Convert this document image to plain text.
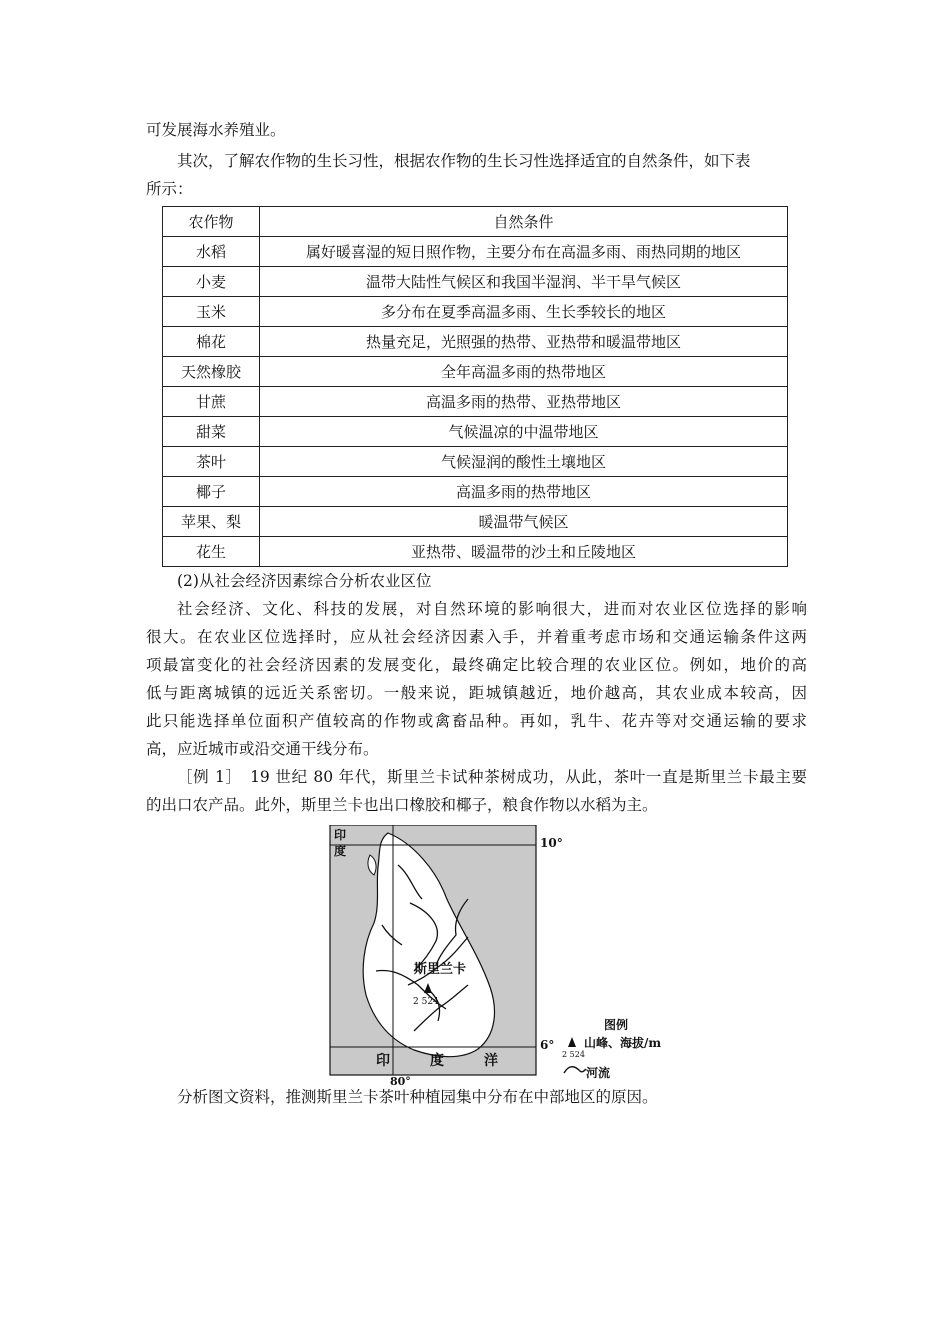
可发展海水养殖业。
其次，了解农作物的生长习性，根据农作物的生长习性选择适宜的自然条件，如下表
所示：
农作物	自然条件
水稻	属好暖喜湿的短日照作物，主要分布在高温多雨、雨热同期的地区
小麦	温带大陆性气候区和我国半湿润、半干旱气候区
玉米	多分布在夏季高温多雨、生长季较长的地区
棉花	热量充足，光照强的热带、亚热带和暖温带地区
天然橡胶	全年高温多雨的热带地区
甘蔗	高温多雨的热带、亚热带地区
甜菜	气候温凉的中温带地区
茶叶	气候湿润的酸性土壤地区
椰子	高温多雨的热带地区
苹果、梨	暖温带气候区
花生	亚热带、暖温带的沙土和丘陵地区
(2)从社会经济因素综合分析农业区位
社会经济、文化、科技的发展，对自然环境的影响很大，进而对农业区位选择的影响
很大。在农业区位选择时，应从社会经济因素入手，并着重考虑市场和交通运输条件这两
项最富变化的社会经济因素的发展变化，最终确定比较合理的农业区位。例如，地价的高
低与距离城镇的远近关系密切。一般来说，距城镇越近，地价越高，其农业成本较高，因
此只能选择单位面积产值较高的作物或禽畜品种。再如，乳牛、花卉等对交通运输的要求
高，应近城市或沿交通干线分布。
［例 1］　19 世纪 80 年代，斯里兰卡试种茶树成功，从此，茶叶一直是斯里兰卡最主要
的出口农产品。此外，斯里兰卡也出口橡胶和椰子，粮食作物以水稻为主。
印
度
10°
6°
80°
斯里兰卡
2 524
印	度	洋
图例
山峰、海拔/m
2 524
河流
分析图文资料，推测斯里兰卡茶叶种植园集中分布在中部地区的原因。
